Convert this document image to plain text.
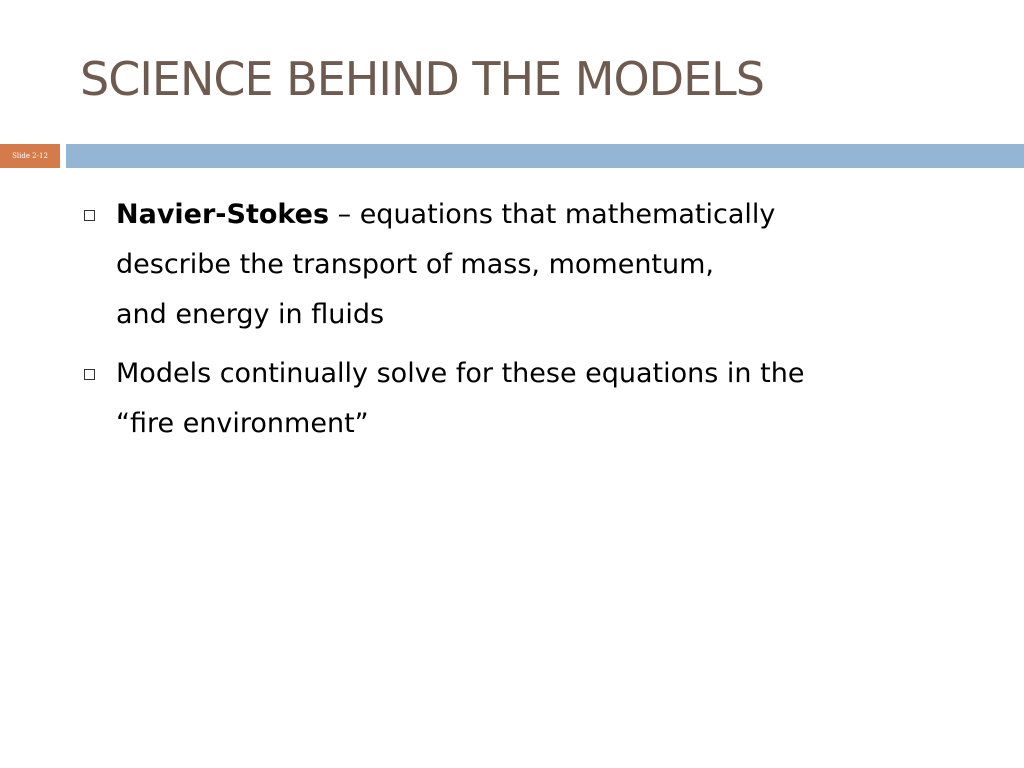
SCIENCE BEHIND THE MODELS
Slide 2-12
Navier-Stokes – equations that mathematically
describe the transport of mass, momentum,
and energy in fluids
Models continually solve for these equations in the
“fire environment”
